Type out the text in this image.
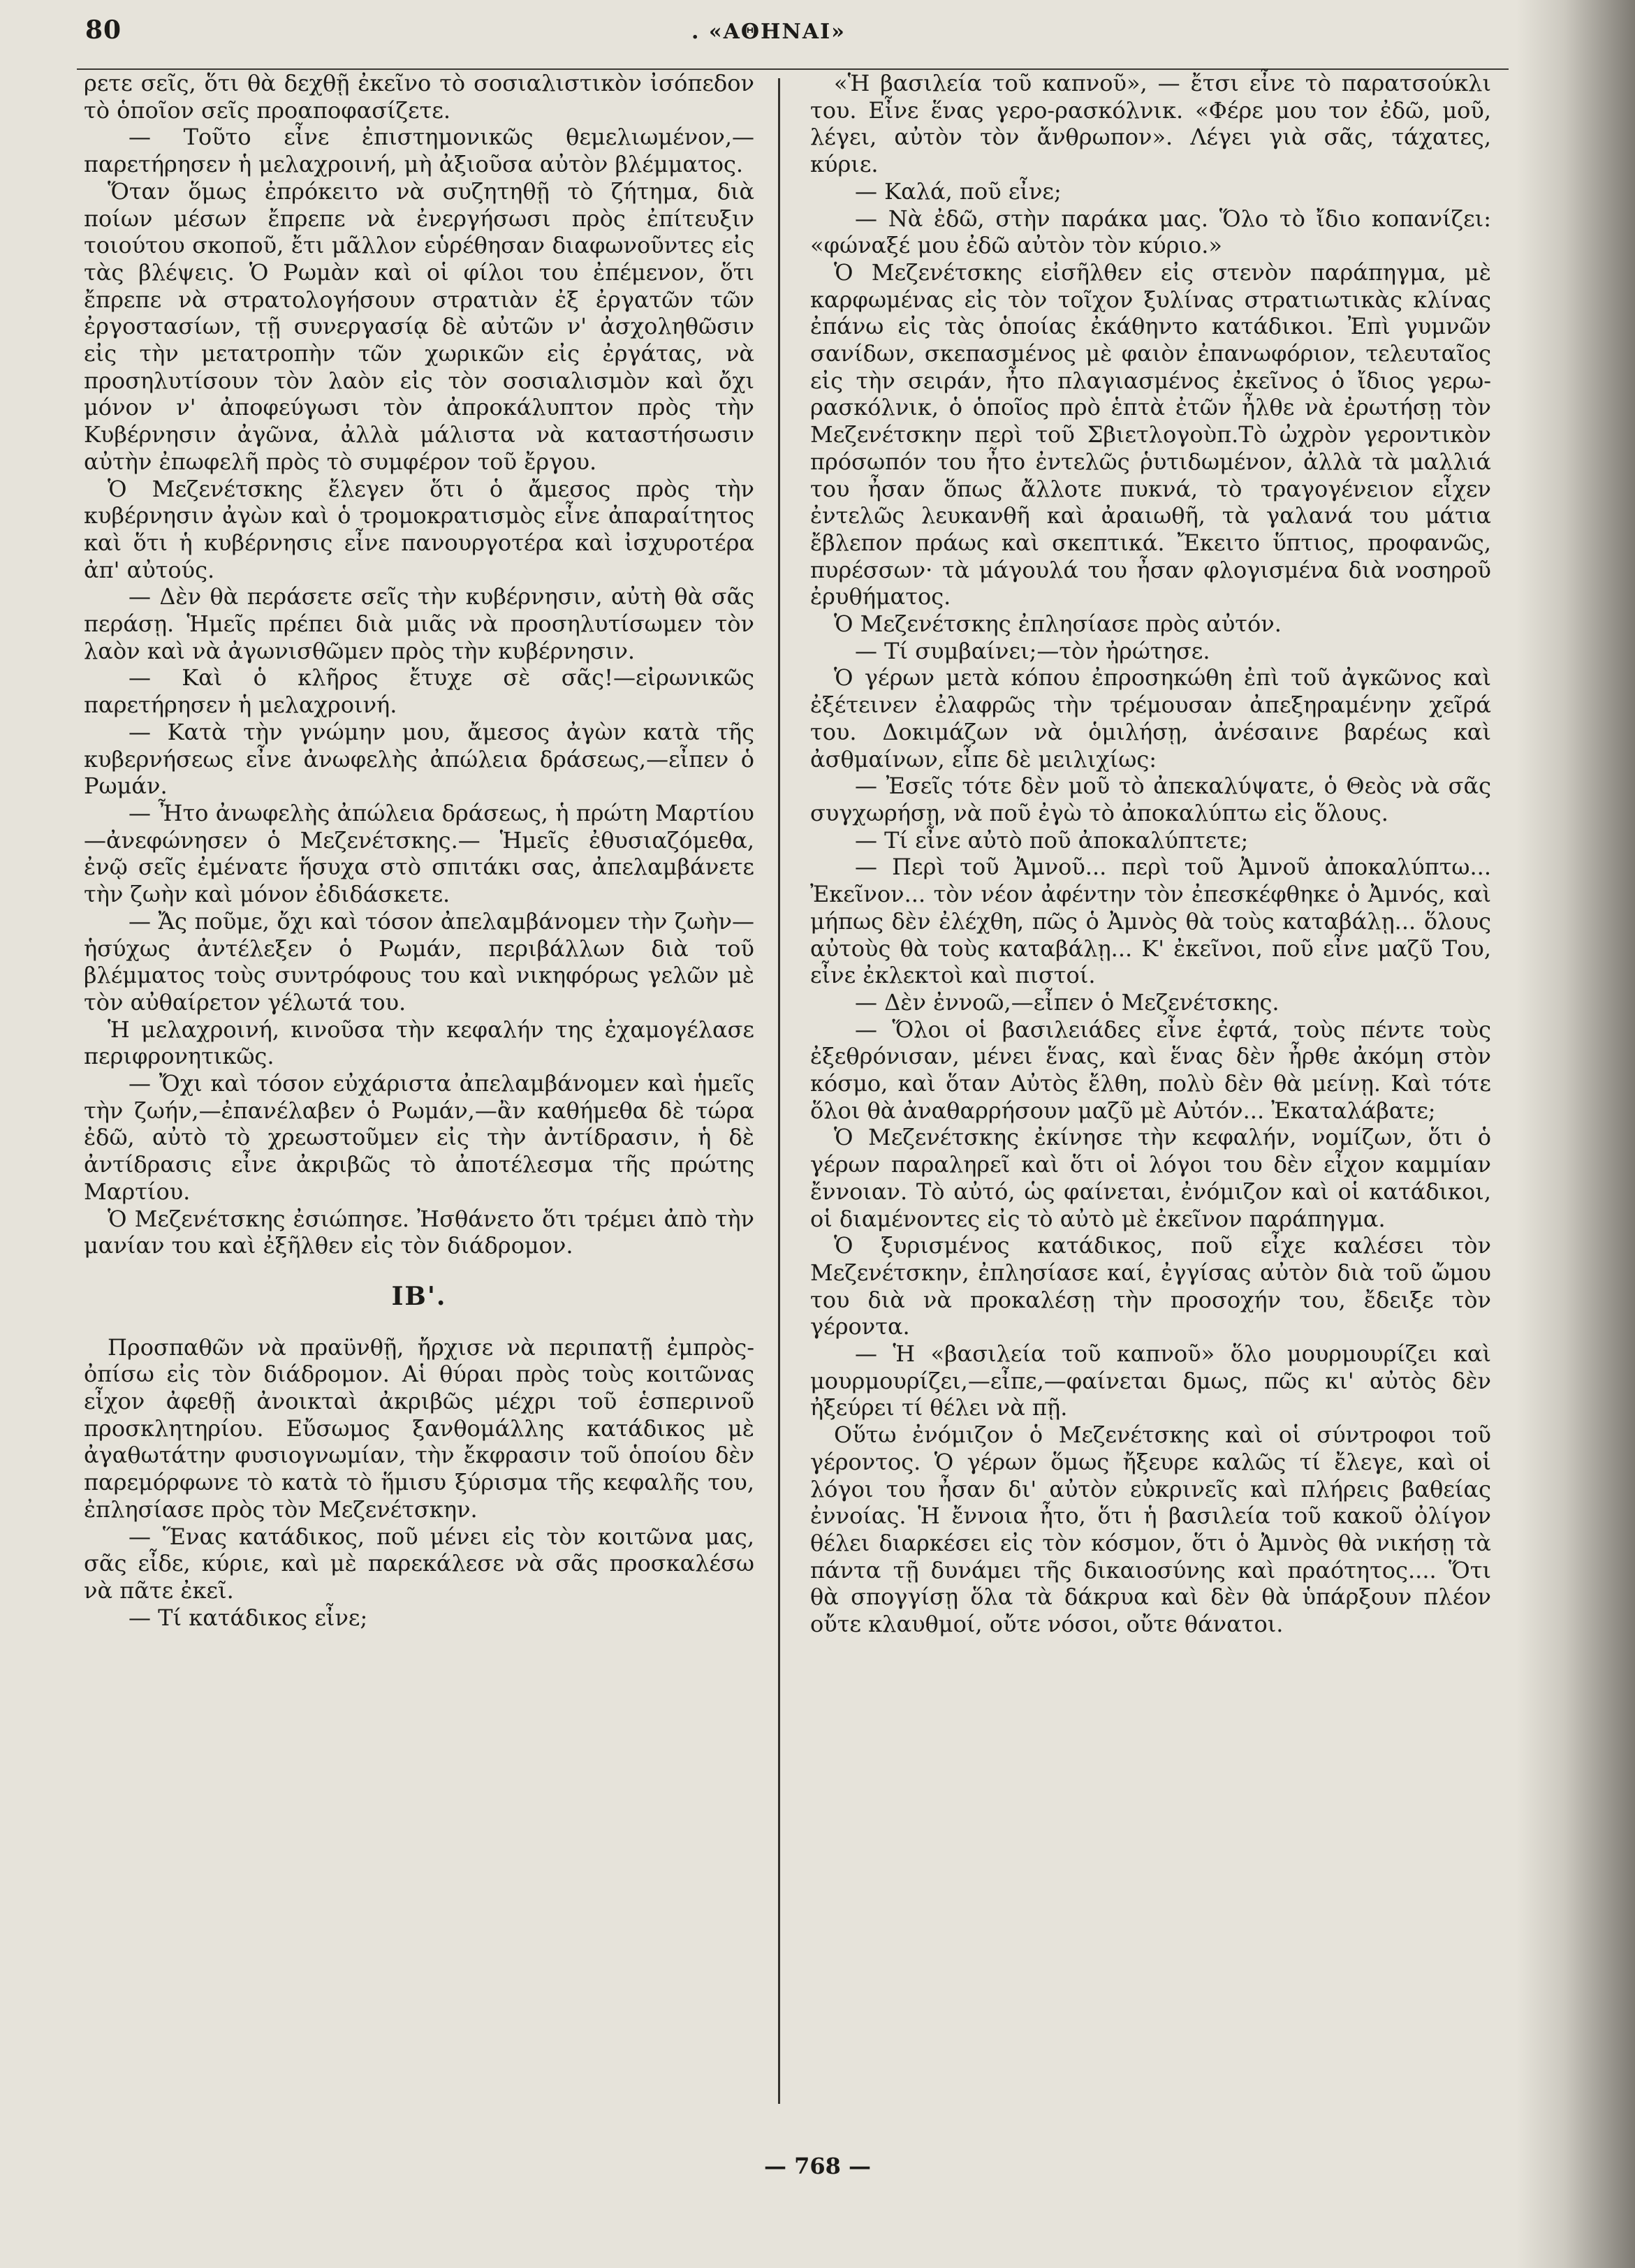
80	. «ΑΘΗΝΑΙ»

ρετε σεῖς, ὅτι θὰ δεχθῇ ἐκεῖνο τὸ σοσιαλιστικὸν ἰσόπεδον τὸ ὁποῖον σεῖς προαποφασίζετε.

— Τοῦτο εἶνε ἐπιστημονικῶς θεμελιωμένον,—παρετήρησεν ἡ μελαχροινή, μὴ ἀξιοῦσα αὐτὸν βλέμματος.

Ὅταν ὅμως ἐπρόκειτο νὰ συζητηθῇ τὸ ζήτημα, διὰ ποίων μέσων ἔπρεπε νὰ ἐνεργήσωσι πρὸς ἐπίτευξιν τοιούτου σκοποῦ, ἔτι μᾶλλον εὑρέθησαν διαφωνοῦντες εἰς τὰς βλέψεις. Ὁ Ρωμὰν καὶ οἱ φίλοι του ἐπέμενον, ὅτι ἔπρεπε νὰ στρατολογήσουν στρατιὰν ἐξ ἐργατῶν τῶν ἐργοστασίων, τῇ συνεργασίᾳ δὲ αὐτῶν ν' ἀσχοληθῶσιν εἰς τὴν μετατροπὴν τῶν χωρικῶν εἰς ἐργάτας, νὰ προσηλυτίσουν τὸν λαὸν εἰς τὸν σοσιαλισμὸν καὶ ὄχι μόνον ν' ἀποφεύγωσι τὸν ἀπροκάλυπτον πρὸς τὴν Κυβέρνησιν ἀγῶνα, ἀλλὰ μάλιστα νὰ καταστήσωσιν αὐτὴν ἐπωφελῆ πρὸς τὸ συμφέρον τοῦ ἔργου.

Ὁ Μεζενέτσκης ἔλεγεν ὅτι ὁ ἄμεσος πρὸς τὴν κυβέρνησιν ἀγὼν καὶ ὁ τρομοκρατισμὸς εἶνε ἀπαραίτητος καὶ ὅτι ἡ κυβέρνησις εἶνε πανουργοτέρα καὶ ἰσχυροτέρα ἀπ' αὐτούς.

— Δὲν θὰ περάσετε σεῖς τὴν κυβέρνησιν, αὐτὴ θὰ σᾶς περάσῃ. Ἡμεῖς πρέπει διὰ μιᾶς νὰ προσηλυτίσωμεν τὸν λαὸν καὶ νὰ ἀγωνισθῶμεν πρὸς τὴν κυβέρνησιν.

— Καὶ ὁ κλῆρος ἔτυχε σὲ σᾶς!—εἰρωνικῶς παρετήρησεν ἡ μελαχροινή.

— Κατὰ τὴν γνώμην μου, ἄμεσος ἀγὼν κατὰ τῆς κυβερνήσεως εἶνε ἀνωφελὴς ἀπώλεια δράσεως,—εἶπεν ὁ Ρωμάν.

— Ἦτο ἀνωφελὴς ἀπώλεια δράσεως, ἡ πρώτη Μαρτίου—ἀνεφώνησεν ὁ Μεζενέτσκης.— Ἡμεῖς ἐθυσιαζόμεθα, ἐνῷ σεῖς ἐμένατε ἥσυχα στὸ σπιτάκι σας, ἀπελαμβάνετε τὴν ζωὴν καὶ μόνον ἐδιδάσκετε.

— Ἄς ποῦμε, ὄχι καὶ τόσον ἀπελαμβάνομεν τὴν ζωὴν—ἡσύχως ἀντέλεξεν ὁ Ρωμάν, περιβάλλων διὰ τοῦ βλέμματος τοὺς συντρόφους του καὶ νικηφόρως γελῶν μὲ τὸν αὐθαίρετον γέλωτά του.

Ἡ μελαχροινή, κινοῦσα τὴν κεφαλήν της ἐχαμογέλασε περιφρονητικῶς.

— Ὄχι καὶ τόσον εὐχάριστα ἀπελαμβάνομεν καὶ ἡμεῖς τὴν ζωήν,—ἐπανέλαβεν ὁ Ρωμάν,—ἂν καθήμεθα δὲ τώρα ἐδῶ, αὐτὸ τὸ χρεωστοῦμεν εἰς τὴν ἀντίδρασιν, ἡ δὲ ἀντίδρασις εἶνε ἀκριβῶς τὸ ἀποτέλεσμα τῆς πρώτης Μαρτίου.

Ὁ Μεζενέτσκης ἐσιώπησε. Ἠσθάνετο ὅτι τρέμει ἀπὸ τὴν μανίαν του καὶ ἐξῆλθεν εἰς τὸν διάδρομον.

ΙΒ'.

Προσπαθῶν νὰ πραϋνθῇ, ἤρχισε νὰ περιπατῇ ἐμπρὸς-ὀπίσω εἰς τὸν διάδρομον. Αἱ θύραι πρὸς τοὺς κοιτῶνας εἶχον ἀφεθῇ ἀνοικταὶ ἀκριβῶς μέχρι τοῦ ἑσπερινοῦ προσκλητηρίου. Εὔσωμος ξανθομάλλης κατάδικος μὲ ἀγαθωτάτην φυσιογνωμίαν, τὴν ἔκφρασιν τοῦ ὁποίου δὲν παρεμόρφωνε τὸ κατὰ τὸ ἥμισυ ξύρισμα τῆς κεφαλῆς του, ἐπλησίασε πρὸς τὸν Μεζενέτσκην.

— Ἕνας κατάδικος, ποῦ μένει εἰς τὸν κοιτῶνα μας, σᾶς εἶδε, κύριε, καὶ μὲ παρεκάλεσε νὰ σᾶς προσκαλέσω νὰ πᾶτε ἐκεῖ.

— Τί κατάδικος εἶνε;

«Ἡ βασιλεία τοῦ καπνοῦ», — ἔτσι εἶνε τὸ παρατσούκλι του. Εἶνε ἕνας γερο-ρασκόλνικ. «Φέρε μου τον ἐδῶ, μοῦ, λέγει, αὐτὸν τὸν ἄνθρωπον». Λέγει γιὰ σᾶς, τάχατες, κύριε.

— Καλά, ποῦ εἶνε;

— Νὰ ἐδῶ, στὴν παράκα μας. Ὅλο τὸ ἴδιο κοπανίζει: «φώναξέ μου ἐδῶ αὐτὸν τὸν κύριο.»

Ὁ Μεζενέτσκης εἰσῆλθεν εἰς στενὸν παράπηγμα, μὲ καρφωμένας εἰς τὸν τοῖχον ξυλίνας στρατιωτικὰς κλίνας ἐπάνω εἰς τὰς ὁποίας ἐκάθηντο κατάδικοι. Ἐπὶ γυμνῶν σανίδων, σκεπασμένος μὲ φαιὸν ἐπανωφόριον, τελευταῖος εἰς τὴν σειράν, ἦτο πλαγιασμένος ἐκεῖνος ὁ ἴδιος γερω-ρασκόλνικ, ὁ ὁποῖος πρὸ ἑπτὰ ἐτῶν ἦλθε νὰ ἐρωτήσῃ τὸν Μεζενέτσκην περὶ τοῦ Σβιετλογοὺπ.Τὸ ὠχρὸν γεροντικὸν πρόσωπόν του ἦτο ἐντελῶς ῥυτιδωμένον, ἀλλὰ τὰ μαλλιά του ἦσαν ὅπως ἄλλοτε πυκνά, τὸ τραγογένειον εἶχεν ἐντελῶς λευκανθῆ καὶ ἀραιωθῆ, τὰ γαλανά του μάτια ἔβλεπον πράως καὶ σκεπτικά. Ἔκειτο ὕπτιος, προφανῶς, πυρέσσων· τὰ μάγουλά του ἦσαν φλογισμένα διὰ νοσηροῦ ἐρυθήματος.

Ὁ Μεζενέτσκης ἐπλησίασε πρὸς αὐτόν.

— Τί συμβαίνει;—τὸν ἠρώτησε.

Ὁ γέρων μετὰ κόπου ἐπροσηκώθη ἐπὶ τοῦ ἀγκῶνος καὶ ἐξέτεινεν ἐλαφρῶς τὴν τρέμουσαν ἀπεξηραμένην χεῖρά του. Δοκιμάζων νὰ ὁμιλήσῃ, ἀνέσαινε βαρέως καὶ ἀσθμαίνων, εἶπε δὲ μειλιχίως:

— Ἐσεῖς τότε δὲν μοῦ τὸ ἀπεκαλύψατε, ὁ Θεὸς νὰ σᾶς συγχωρήσῃ, νὰ ποῦ ἐγὼ τὸ ἀποκαλύπτω εἰς ὅλους.

— Τί εἶνε αὐτὸ ποῦ ἀποκαλύπτετε;

— Περὶ τοῦ Ἀμνοῦ... περὶ τοῦ Ἀμνοῦ ἀποκαλύπτω... Ἐκεῖνον... τὸν νέον ἀφέντην τὸν ἐπεσκέφθηκε ὁ Ἀμνός, καὶ μήπως δὲν ἐλέχθη, πῶς ὁ Ἀμνὸς θὰ τοὺς καταβάλῃ... ὅλους αὐτοὺς θὰ τοὺς καταβάλῃ... Κ' ἐκεῖνοι, ποῦ εἶνε μαζῦ Του, εἶνε ἐκλεκτοὶ καὶ πιστοί.

— Δὲν ἐννοῶ,—εἶπεν ὁ Μεζενέτσκης.

— Ὅλοι οἱ βασιλειάδες εἶνε ἐφτά, τοὺς πέντε τοὺς ἐξεθρόνισαν, μένει ἕνας, καὶ ἕνας δὲν ἦρθε ἀκόμη στὸν κόσμο, καὶ ὅταν Αὐτὸς ἔλθη, πολὺ δὲν θὰ μείνῃ. Καὶ τότε ὅλοι θὰ ἀναθαρρήσουν μαζῦ μὲ Αὐτόν... Ἐκαταλάβατε;

Ὁ Μεζενέτσκης ἐκίνησε τὴν κεφαλήν, νομίζων, ὅτι ὁ γέρων παραληρεῖ καὶ ὅτι οἱ λόγοι του δὲν εἶχον καμμίαν ἔννοιαν. Τὸ αὐτό, ὡς φαίνεται, ἐνόμιζον καὶ οἱ κατάδικοι, οἱ διαμένοντες εἰς τὸ αὐτὸ μὲ ἐκεῖνον παράπηγμα.

Ὁ ξυρισμένος κατάδικος, ποῦ εἶχε καλέσει τὸν Μεζενέτσκην, ἐπλησίασε καί, ἐγγίσας αὐτὸν διὰ τοῦ ὤμου του διὰ νὰ προκαλέσῃ τὴν προσοχήν του, ἔδειξε τὸν γέροντα.

— Ἡ «βασιλεία τοῦ καπνοῦ» ὅλο μουρμουρίζει καὶ μουρμουρίζει,—εἶπε,—φαίνεται δμως, πῶς κι' αὐτὸς δὲν ἠξεύρει τί θέλει νὰ πῇ.

Οὕτω ἐνόμιζον ὁ Μεζενέτσκης καὶ οἱ σύντροφοι τοῦ γέροντος. Ὁ γέρων ὅμως ἤξευρε καλῶς τί ἔλεγε, καὶ οἱ λόγοι του ἦσαν δι' αὐτὸν εὐκρινεῖς καὶ πλήρεις βαθείας ἐννοίας. Ἡ ἔννοια ἦτο, ὅτι ἡ βασιλεία τοῦ κακοῦ ὀλίγον θέλει διαρκέσει εἰς τὸν κόσμον, ὅτι ὁ Ἀμνὸς θὰ νικήσῃ τὰ πάντα τῇ δυνάμει τῆς δικαιοσύνης καὶ πραότητος.... Ὅτι θὰ σπογγίσῃ ὅλα τὰ δάκρυα καὶ δὲν θὰ ὑπάρξουν πλέον οὔτε κλαυθμοί, οὔτε νόσοι, οὔτε θάνατοι.

— 768 —
